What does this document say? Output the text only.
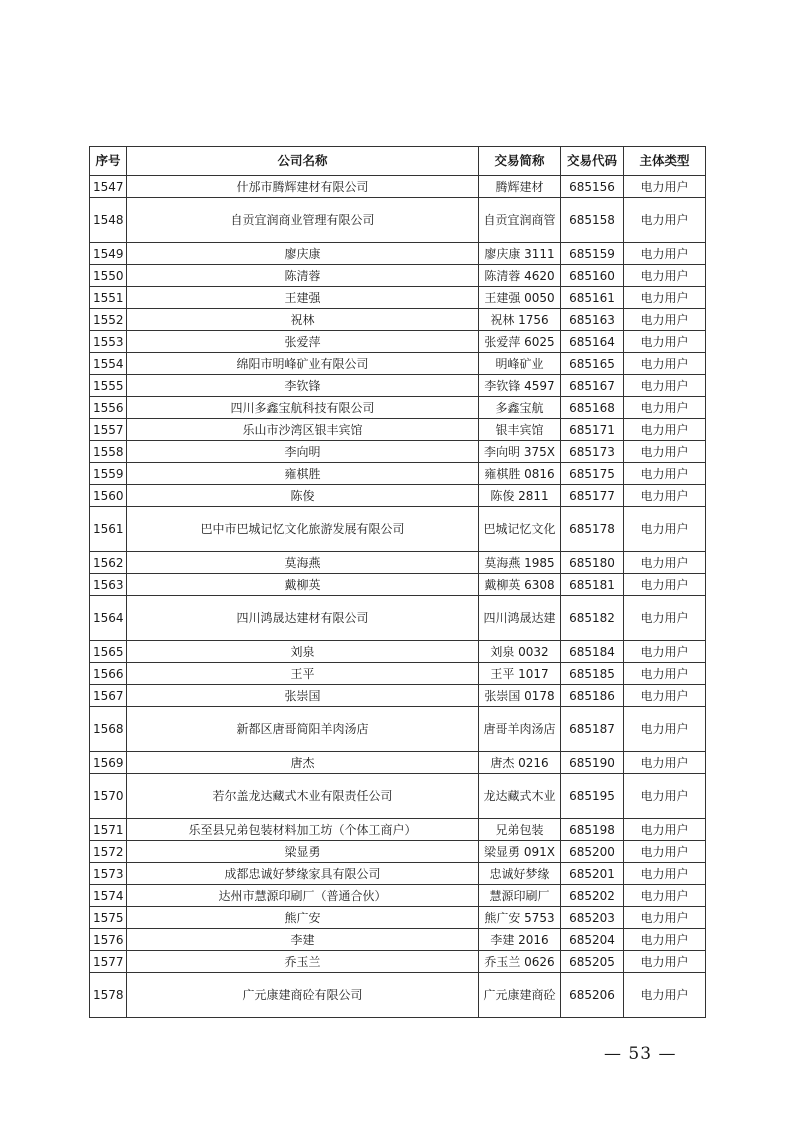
序号	公司名称	交易简称	交易代码	主体类型
1547	什邡市腾辉建材有限公司	腾辉建材	685156	电力用户
1548	自贡宜润商业管理有限公司	自贡宜润商管	685158	电力用户
1549	廖庆康	廖庆康 3111	685159	电力用户
1550	陈清蓉	陈清蓉 4620	685160	电力用户
1551	王建强	王建强 0050	685161	电力用户
1552	祝林	祝林 1756	685163	电力用户
1553	张爱萍	张爱萍 6025	685164	电力用户
1554	绵阳市明峰矿业有限公司	明峰矿业	685165	电力用户
1555	李钦锋	李钦锋 4597	685167	电力用户
1556	四川多鑫宝航科技有限公司	多鑫宝航	685168	电力用户
1557	乐山市沙湾区银丰宾馆	银丰宾馆	685171	电力用户
1558	李向明	李向明 375X	685173	电力用户
1559	雍棋胜	雍棋胜 0816	685175	电力用户
1560	陈俊	陈俊 2811	685177	电力用户
1561	巴中市巴城记忆文化旅游发展有限公司	巴城记忆文化	685178	电力用户
1562	莫海燕	莫海燕 1985	685180	电力用户
1563	戴柳英	戴柳英 6308	685181	电力用户
1564	四川鸿晟达建材有限公司	四川鸿晟达建	685182	电力用户
1565	刘泉	刘泉 0032	685184	电力用户
1566	王平	王平 1017	685185	电力用户
1567	张崇国	张崇国 0178	685186	电力用户
1568	新都区唐哥简阳羊肉汤店	唐哥羊肉汤店	685187	电力用户
1569	唐杰	唐杰 0216	685190	电力用户
1570	若尔盖龙达藏式木业有限责任公司	龙达藏式木业	685195	电力用户
1571	乐至县兄弟包装材料加工坊（个体工商户）	兄弟包装	685198	电力用户
1572	梁显勇	梁显勇 091X	685200	电力用户
1573	成都忠诚好梦缘家具有限公司	忠诚好梦缘	685201	电力用户
1574	达州市慧源印刷厂（普通合伙）	慧源印刷厂	685202	电力用户
1575	熊广安	熊广安 5753	685203	电力用户
1576	李建	李建 2016	685204	电力用户
1577	乔玉兰	乔玉兰 0626	685205	电力用户
1578	广元康建商砼有限公司	广元康建商砼	685206	电力用户
— 53 —
